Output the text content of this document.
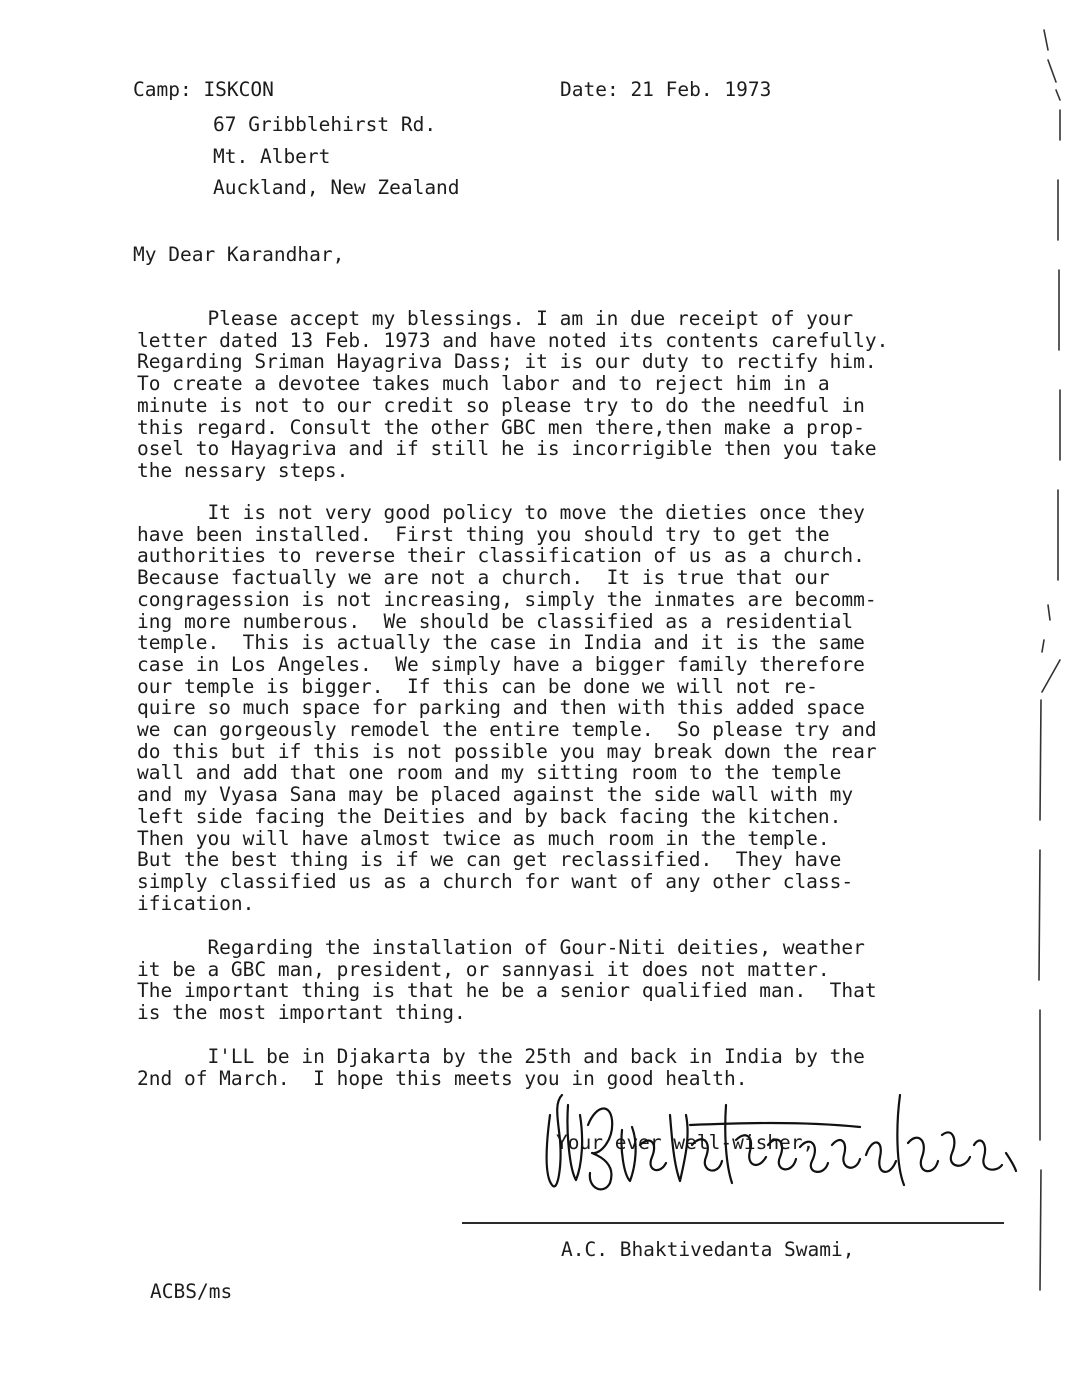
Camp: ISKCON	Date: 21 Feb. 1973
67 Gribblehirst Rd.
Mt. Albert
Auckland, New Zealand
My Dear Karandhar,
Please accept my blessings. I am in due receipt of your
letter dated 13 Feb. 1973 and have noted its contents carefully.
Regarding Sriman Hayagriva Dass; it is our duty to rectify him.
To create a devotee takes much labor and to reject him in a
minute is not to our credit so please try to do the needful in
this regard. Consult the other GBC men there,then make a prop-
osel to Hayagriva and if still he is incorrigible then you take
the nessary steps.
It is not very good policy to move the dieties once they
have been installed.  First thing you should try to get the
authorities to reverse their classification of us as a church.
Because factually we are not a church.  It is true that our
congragession is not increasing, simply the inmates are becomm-
ing more numberous.  We should be classified as a residential
temple.  This is actually the case in India and it is the same
case in Los Angeles.  We simply have a bigger family therefore
our temple is bigger.  If this can be done we will not re-
quire so much space for parking and then with this added space
we can gorgeously remodel the entire temple.  So please try and
do this but if this is not possible you may break down the rear
wall and add that one room and my sitting room to the temple
and my Vyasa Sana may be placed against the side wall with my
left side facing the Deities and by back facing the kitchen.
Then you will have almost twice as much room in the temple.
But the best thing is if we can get reclassified.  They have
simply classified us as a church for want of any other class-
ification.
Regarding the installation of Gour-Niti deities, weather
it be a GBC man, president, or sannyasi it does not matter.
The important thing is that he be a senior qualified man.  That
is the most important thing.
I'LL be in Djakarta by the 25th and back in India by the
2nd of March.  I hope this meets you in good health.
Your ever well-wisher,
A.C. Bhaktivedanta Swami,
ACBS/ms
